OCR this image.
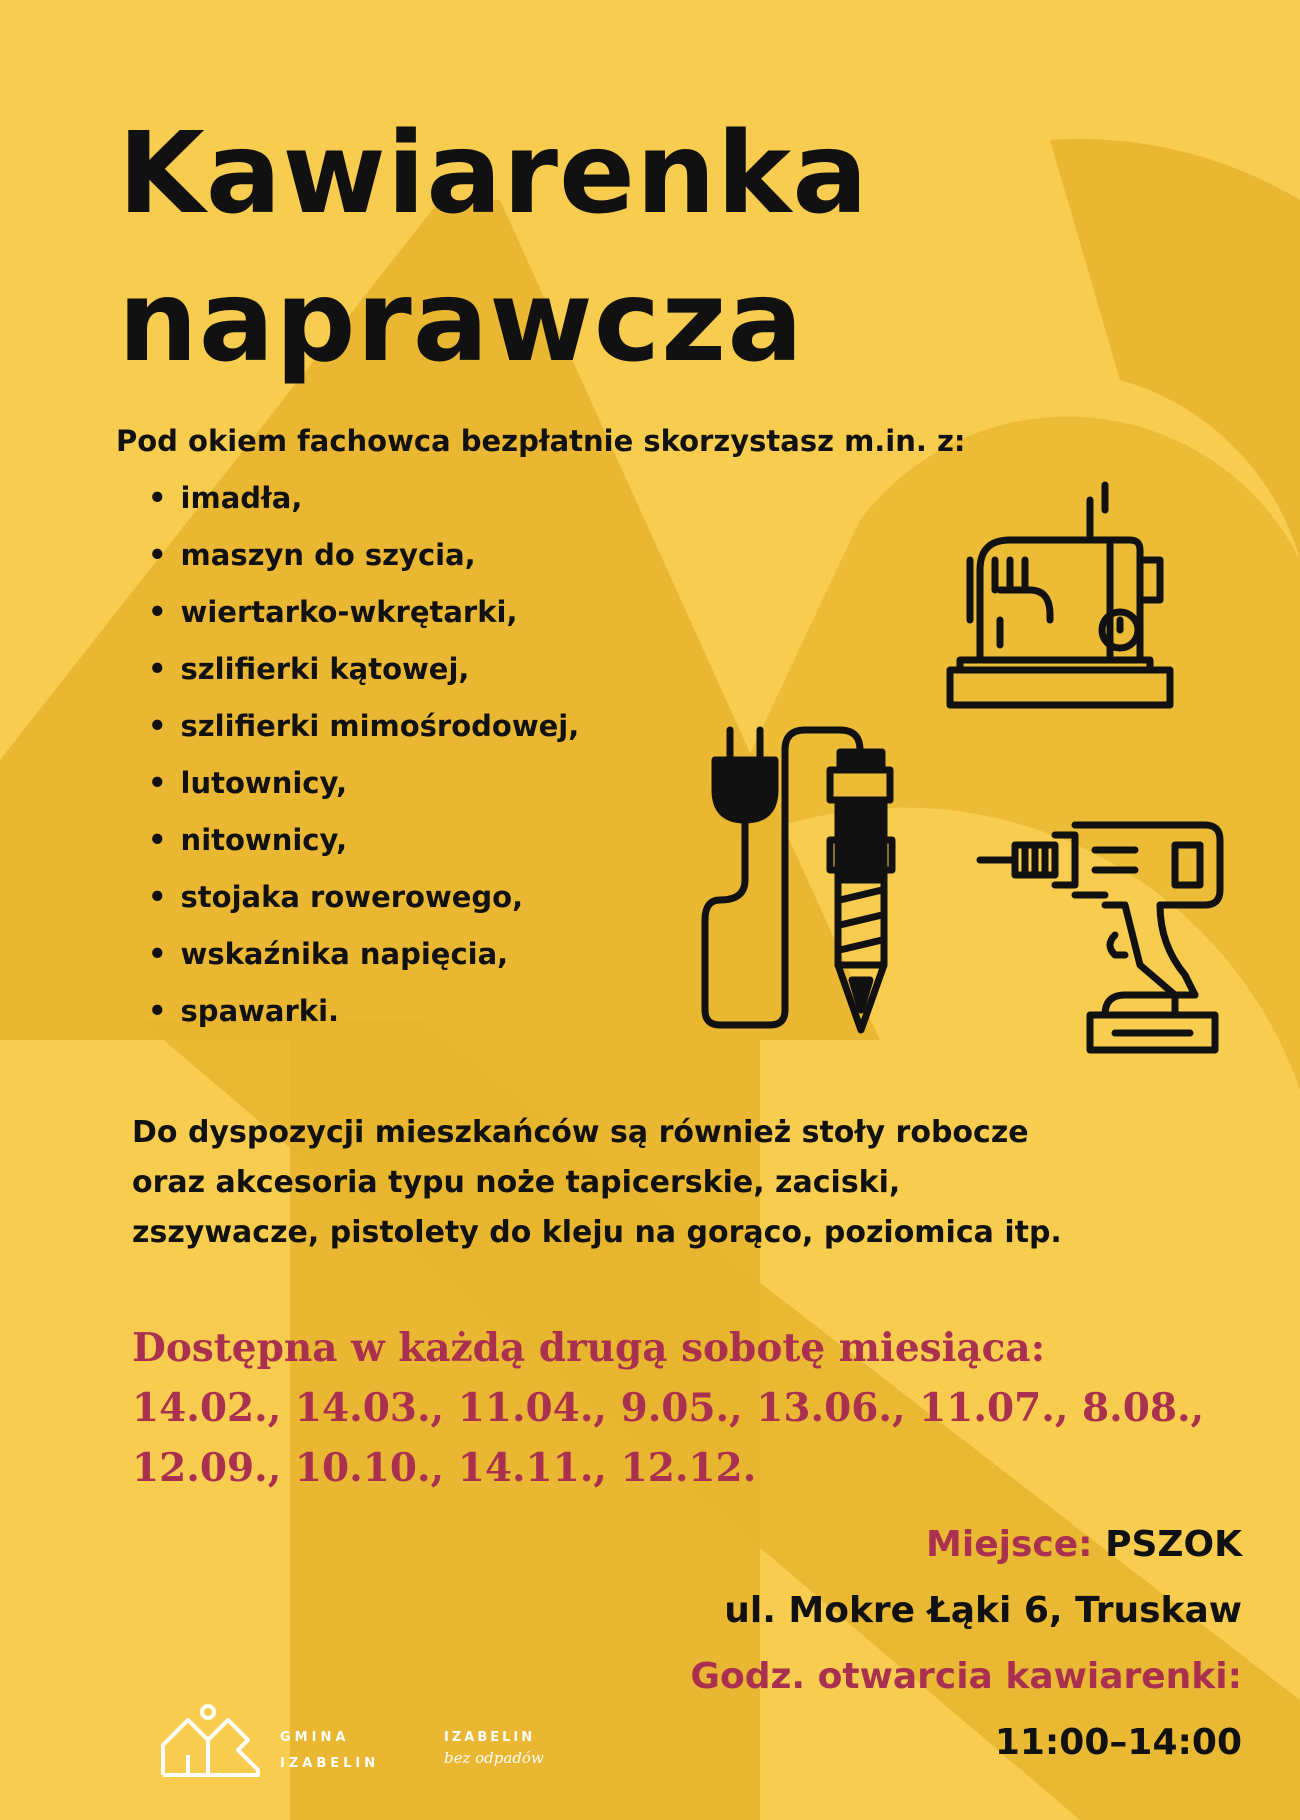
Kawiarenka
naprawcza
Pod okiem fachowca bezpłatnie skorzystasz m.in. z:
• imadła,
• maszyn do szycia,
• wiertarko-wkrętarki,
• szlifierki kątowej,
• szlifierki mimośrodowej,
• lutownicy,
• nitownicy,
• stojaka rowerowego,
• wskaźnika napięcia,
• spawarki.
Do dyspozycji mieszkańców są również stoły robocze
oraz akcesoria typu noże tapicerskie, zaciski,
zszywacze, pistolety do kleju na gorąco, poziomica itp.
Dostępna w każdą drugą sobotę miesiąca:
14.02., 14.03., 11.04., 9.05., 13.06., 11.07., 8.08.,
12.09., 10.10., 14.11., 12.12.
Miejsce: PSZOK
ul. Mokre Łąki 6, Truskaw
Godz. otwarcia kawiarenki:
11:00–14:00
GMINA
IZABELIN
IZABELIN
bez odpadów
